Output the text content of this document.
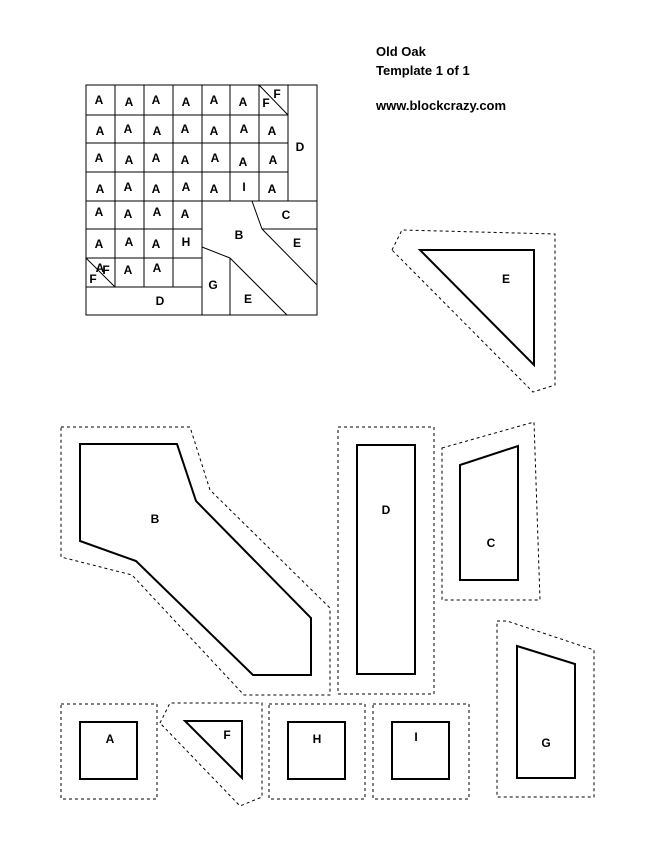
Old Oak
Template 1 of 1
www.blockcrazy.com
A A A A A A
A A A A A A A
A A A A A A A
A A A A A I A
A A A A
A A A H
A A A
F
F
F
F
D
D
B
C
E
E
G	E
B
D
C
G
A	F	H	I
